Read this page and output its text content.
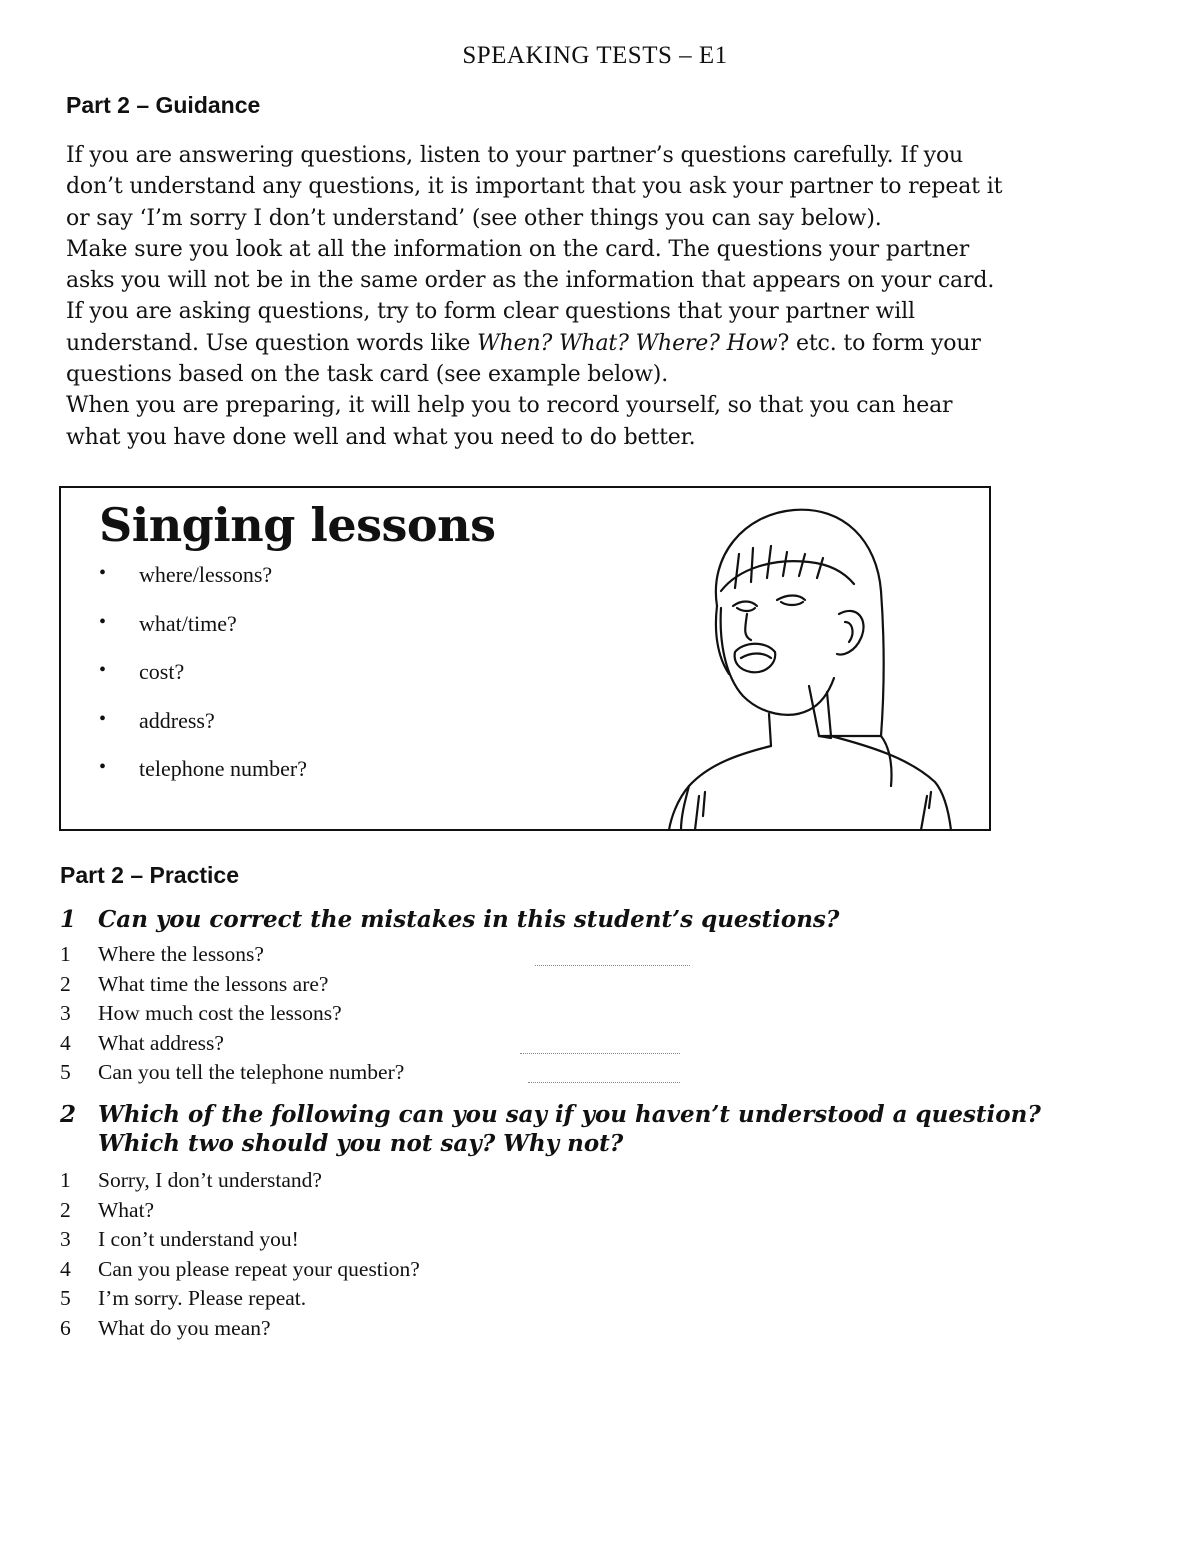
SPEAKING TESTS – E1
Part 2 – Guidance
If you are answering questions, listen to your partner’s questions carefully. If you
don’t understand any questions, it is important that you ask your partner to repeat it
or say ‘I’m sorry I don’t understand’ (see other things you can say below).
Make sure you look at all the information on the card. The questions your partner
asks you will not be in the same order as the information that appears on your card.
If you are asking questions, try to form clear questions that your partner will
understand. Use question words like When? What? Where? How? etc. to form your
questions based on the task card (see example below).
When you are preparing, it will help you to record yourself, so that you can hear
what you have done well and what you need to do better.
Singing lessons
•	where/lessons?
•	what/time?
•	cost?
•	address?
•	telephone number?
Part 2 – Practice
1 Can you correct the mistakes in this student’s questions?
1	Where the lessons?
2	What time the lessons are?
3	How much cost the lessons?
4	What address?
5	Can you tell the telephone number?
2 Which of the following can you say if you haven’t understood a question?
Which two should you not say? Why not?
1	Sorry, I don’t understand?
2	What?
3	I con’t understand you!
4	Can you please repeat your question?
5	I’m sorry. Please repeat.
6	What do you mean?
